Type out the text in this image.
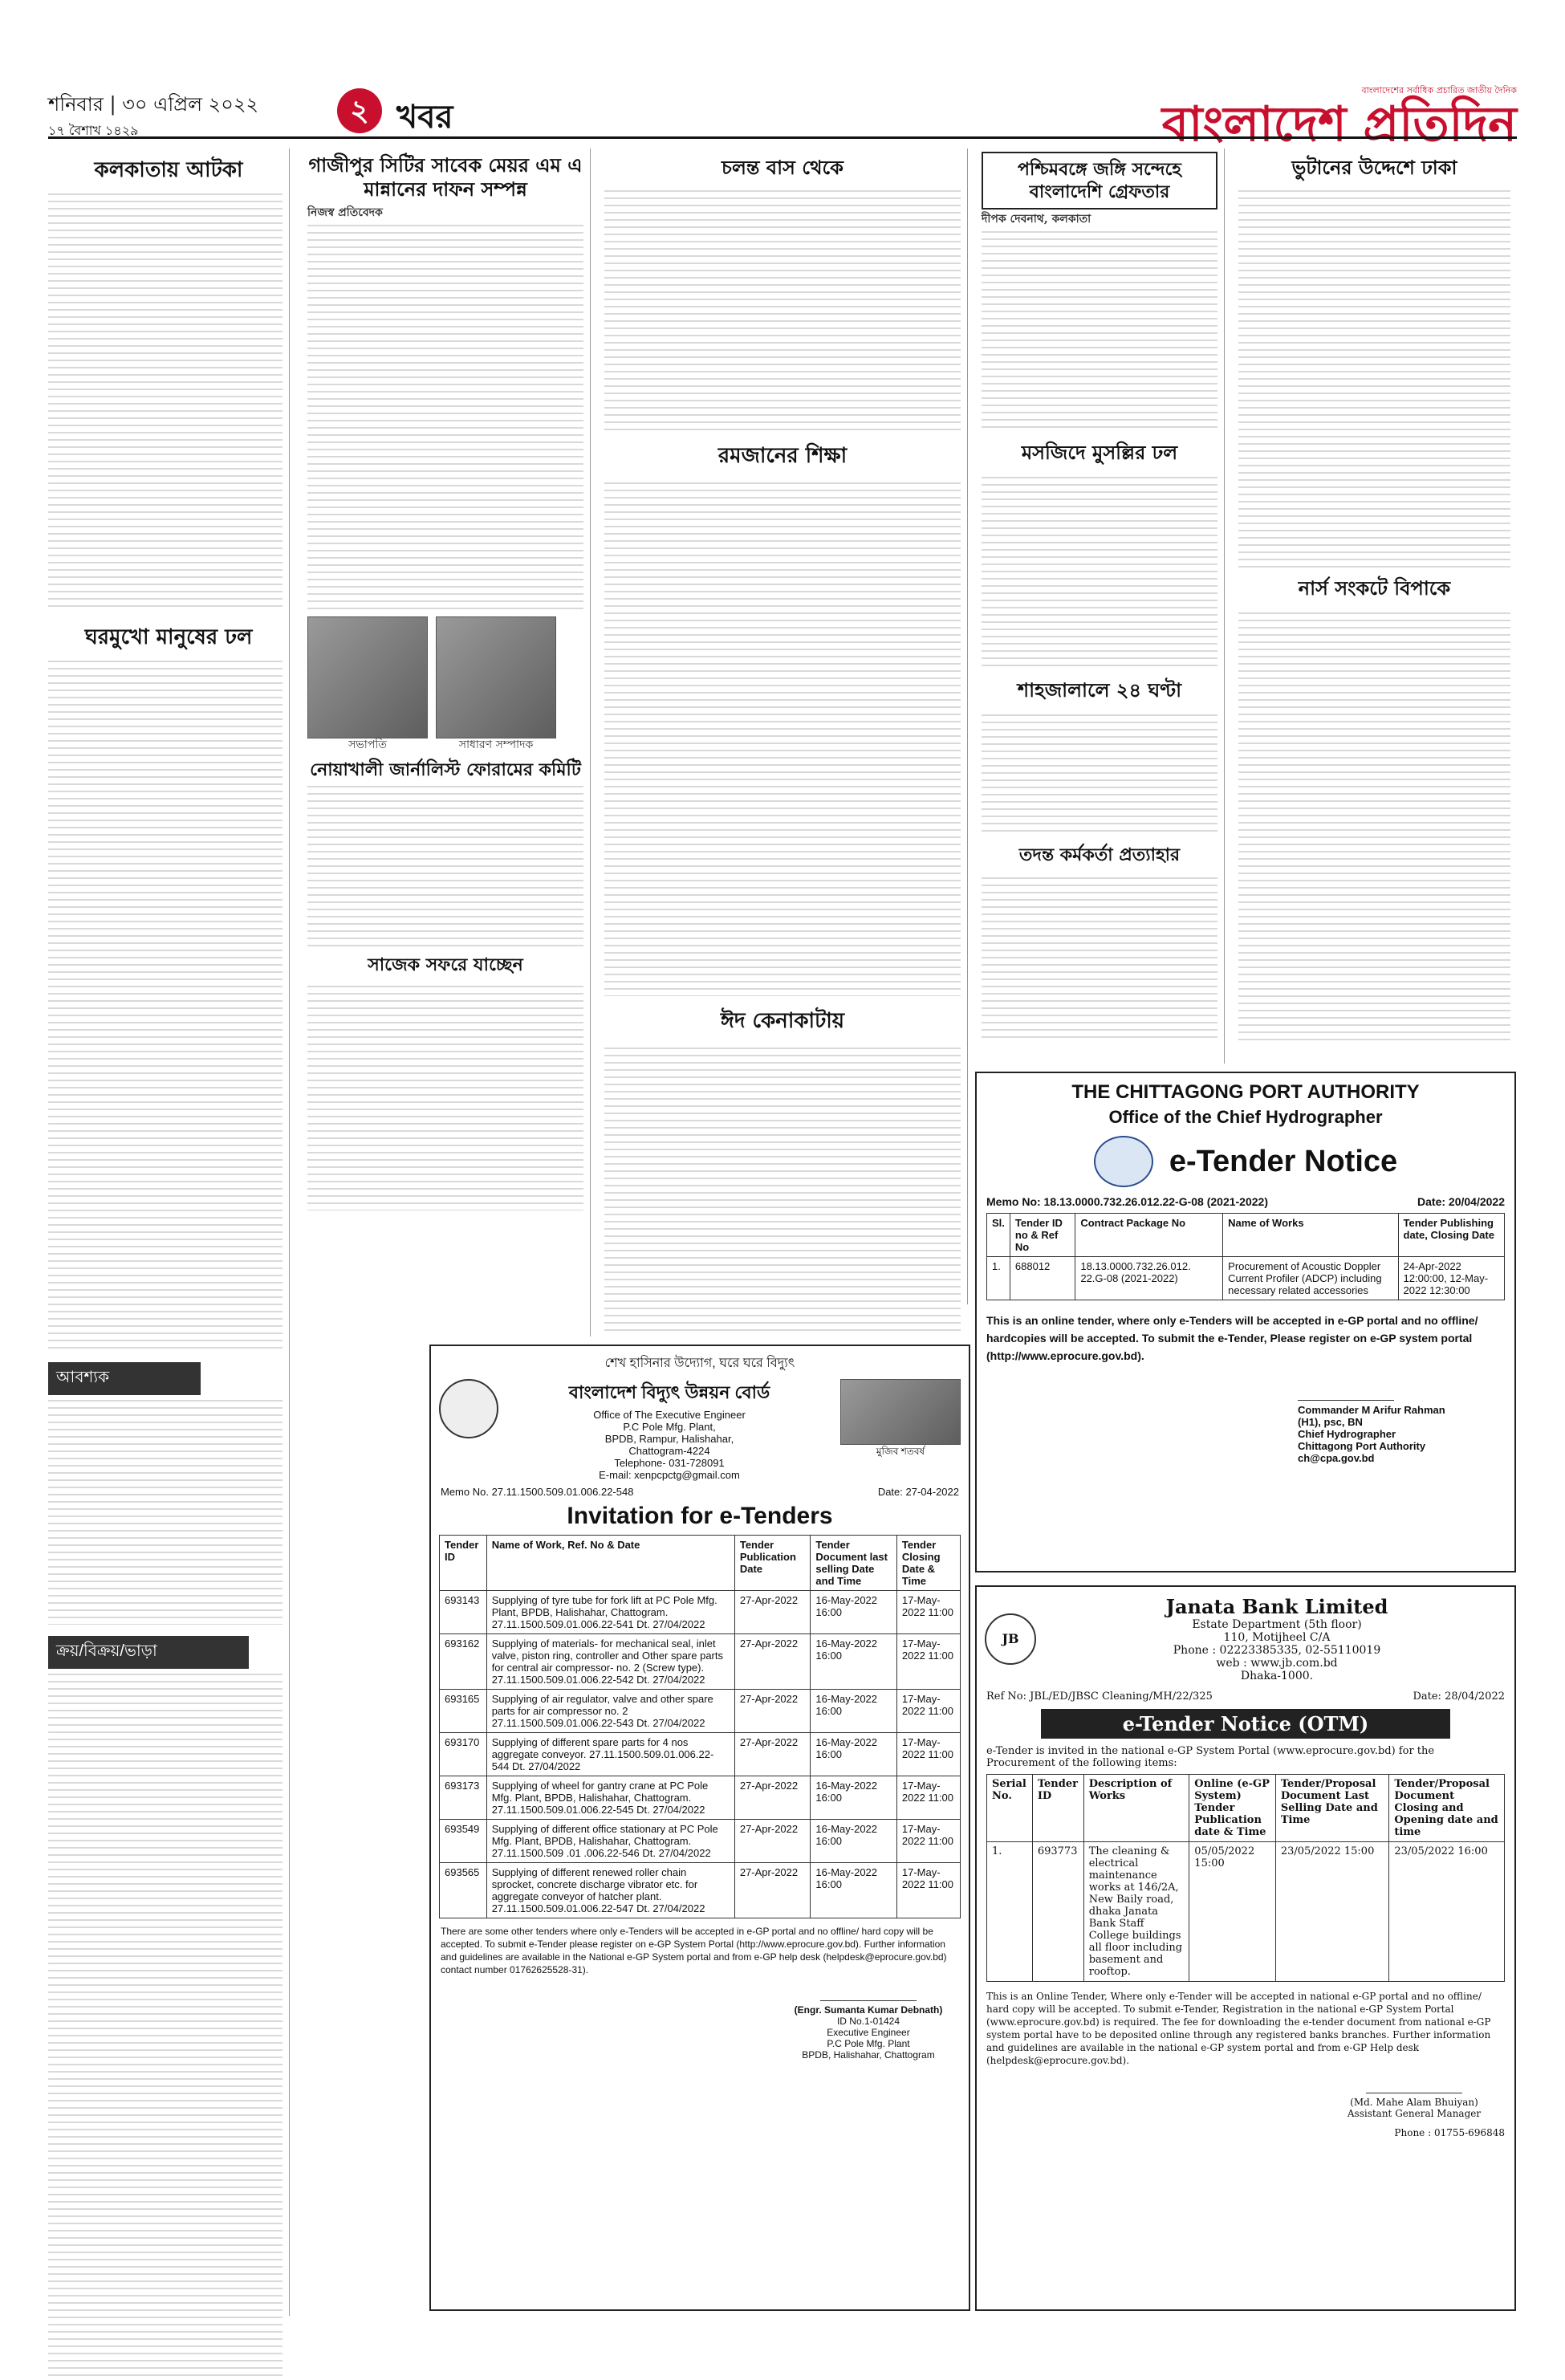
শনিবার | ৩০ এপ্রিল ২০২২
১৭ বৈশাখ ১৪২৯
২ খবর
বাংলাদেশের সর্বাধিক প্রচারিত জাতীয় দৈনিক
বাংলাদেশ প্রতিদিন
কলকাতায় আটকা
ঘরমুখো মানুষের ঢল
আবশ্যক
ক্রয়/বিক্রয়/ভাড়া
গাজীপুর সিটির সাবেক মেয়র এম এ মান্নানের দাফন সম্পন্ন
নিজস্ব প্রতিবেদক
সভাপতি	সাধারণ সম্পাদক
নোয়াখালী জার্নালিস্ট ফোরামের কমিটি
সাজেক সফরে যাচ্ছেন
চলন্ত বাস থেকে
রমজানের শিক্ষা
ঈদ কেনাকাটায়
পশ্চিমবঙ্গে জঙ্গি সন্দেহে বাংলাদেশি গ্রেফতার
দীপক দেবনাথ, কলকাতা
মসজিদে মুসল্লির ঢল
শাহজালালে ২৪ ঘণ্টা
তদন্ত কর্মকর্তা প্রত্যাহার
ভুটানের উদ্দেশে ঢাকা
নার্স সংকটে বিপাকে
THE CHITTAGONG PORT AUTHORITY
Office of the Chief Hydrographer
e-Tender Notice
Memo No: 18.13.0000.732.26.012.22-G-08 (2021-2022)	Date: 20/04/2022
Sl.	Tender ID no & Ref No	Contract Package No	Name of Works	Tender Publishing date, Closing Date
1.	688012	18.13.0000.732.26.012. 22.G-08 (2021-2022)	Procurement of Acoustic Doppler Current Profiler (ADCP) including necessary related accessories	24-Apr-2022 12:00:00, 12-May-2022 12:30:00
This is an online tender, where only e-Tenders will be accepted in e-GP portal and no offline/ hardcopies will be accepted. To submit the e-Tender, Please register on e-GP system portal (http://www.eprocure.gov.bd).
Commander M Arifur Rahman
(H1), psc, BN
Chief Hydrographer
Chittagong Port Authority
ch@cpa.gov.bd
শেখ হাসিনার উদ্যোগ, ঘরে ঘরে বিদ্যুৎ
বাংলাদেশ বিদ্যুৎ উন্নয়ন বোর্ড
Office of The Executive Engineer
P.C Pole Mfg. Plant,
BPDB, Rampur, Halishahar,
Chattogram-4224
Telephone- 031-728091
E-mail: xenpcpctg@gmail.com
মুজিব শতবর্ষ
Memo No. 27.11.1500.509.01.006.22-548	Date: 27-04-2022
Invitation for e-Tenders
Tender ID	Name of Work, Ref. No & Date	Tender Publication Date	Tender Document last selling Date and Time	Tender Closing Date & Time
693143	Supplying of tyre tube for fork lift at PC Pole Mfg. Plant, BPDB, Halishahar, Chattogram. 27.11.1500.509.01.006.22-541 Dt. 27/04/2022	27-Apr-2022	16-May-2022 16:00	17-May-2022 11:00
693162	Supplying of materials- for mechanical seal, inlet valve, piston ring, controller and Other spare parts for central air compressor- no. 2 (Screw type). 27.11.1500.509.01.006.22-542 Dt. 27/04/2022	27-Apr-2022	16-May-2022 16:00	17-May-2022 11:00
693165	Supplying of air regulator, valve and other spare parts for air compressor no. 2 27.11.1500.509.01.006.22-543 Dt. 27/04/2022	27-Apr-2022	16-May-2022 16:00	17-May-2022 11:00
693170	Supplying of different spare parts for 4 nos aggregate conveyor. 27.11.1500.509.01.006.22-544 Dt. 27/04/2022	27-Apr-2022	16-May-2022 16:00	17-May-2022 11:00
693173	Supplying of wheel for gantry crane at PC Pole Mfg. Plant, BPDB, Halishahar, Chattogram. 27.11.1500.509.01.006.22-545 Dt. 27/04/2022	27-Apr-2022	16-May-2022 16:00	17-May-2022 11:00
693549	Supplying of different office stationary at PC Pole Mfg. Plant, BPDB, Halishahar, Chattogram. 27.11.1500.509 .01 .006.22-546 Dt. 27/04/2022	27-Apr-2022	16-May-2022 16:00	17-May-2022 11:00
693565	Supplying of different renewed roller chain sprocket, concrete discharge vibrator etc. for aggregate conveyor of hatcher plant. 27.11.1500.509.01.006.22-547 Dt. 27/04/2022	27-Apr-2022	16-May-2022 16:00	17-May-2022 11:00
There are some other tenders where only e-Tenders will be accepted in e-GP portal and no offline/ hard copy will be accepted. To submit e-Tender please register on e-GP System Portal (http://www.eprocure.gov.bd). Further information and guidelines are available in the National e-GP System portal and from e-GP help desk (helpdesk@eprocure.gov.bd) contact number 01762625528-31).
(Engr. Sumanta Kumar Debnath)
ID No.1-01424
Executive Engineer
P.C Pole Mfg. Plant
BPDB, Halishahar, Chattogram
JB
Janata Bank Limited
Estate Department (5th floor)
110, Motijheel C/A
Phone : 02223385335, 02-55110019
web : www.jb.com.bd
Dhaka-1000.
Ref No: JBL/ED/JBSC Cleaning/MH/22/325	Date: 28/04/2022
e-Tender Notice (OTM)
e-Tender is invited in the national e-GP System Portal (www.eprocure.gov.bd) for the Procurement of the following items:
Serial No.	Tender ID	Description of Works	Online (e-GP System) Tender Publication date & Time	Tender/Proposal Document Last Selling Date and Time	Tender/Proposal Document Closing and Opening date and time
1.	693773	The cleaning & electrical maintenance works at 146/2A, New Baily road, dhaka Janata Bank Staff College buildings all floor including basement and rooftop.	05/05/2022 15:00	23/05/2022 15:00	23/05/2022 16:00
This is an Online Tender, Where only e-Tender will be accepted in national e-GP portal and no offline/ hard copy will be accepted. To submit e-Tender, Registration in the national e-GP System Portal (www.eprocure.gov.bd) is required. The fee for downloading the e-tender document from national e-GP system portal have to be deposited online through any registered banks branches. Further information and guidelines are available in the national e-GP system portal and from e-GP Help desk (helpdesk@eprocure.gov.bd).
(Md. Mahe Alam Bhuiyan)
Assistant General Manager
Phone : 01755-696848
